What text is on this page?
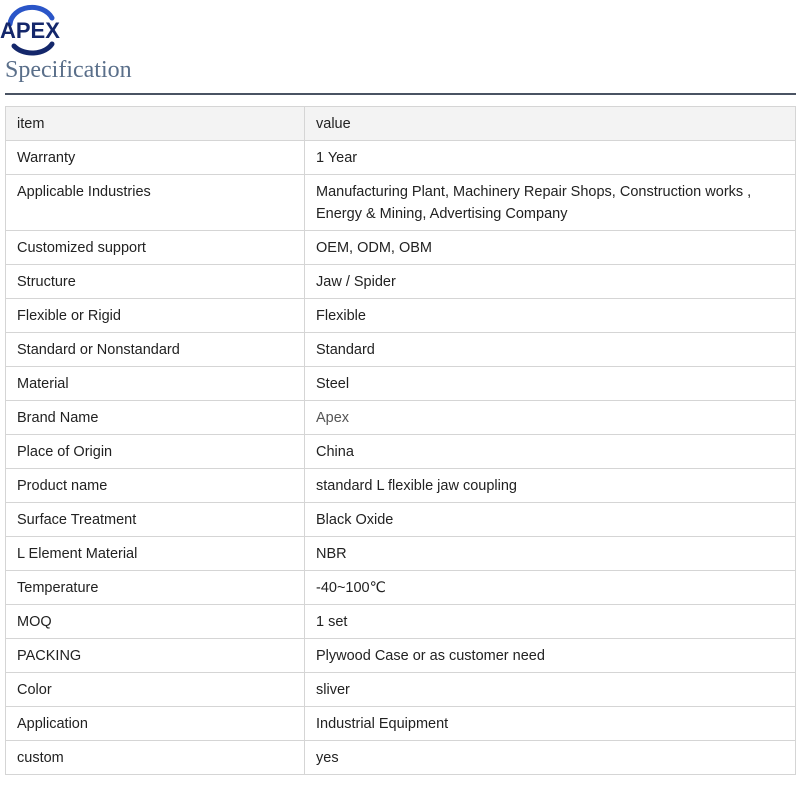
APEX
Specification
item	value
Warranty	1 Year
Applicable Industries	Manufacturing Plant, Machinery Repair Shops, Construction works , Energy & Mining, Advertising Company
Customized support	OEM, ODM, OBM
Structure	Jaw / Spider
Flexible or Rigid	Flexible
Standard or Nonstandard	Standard
Material	Steel
Brand Name	Apex
Place of Origin	China
Product name	standard L flexible jaw coupling
Surface Treatment	Black Oxide
L Element Material	NBR
Temperature	-40~100℃
MOQ	1 set
PACKING	Plywood Case or as customer need
Color	sliver
Application	Industrial Equipment
custom	yes
